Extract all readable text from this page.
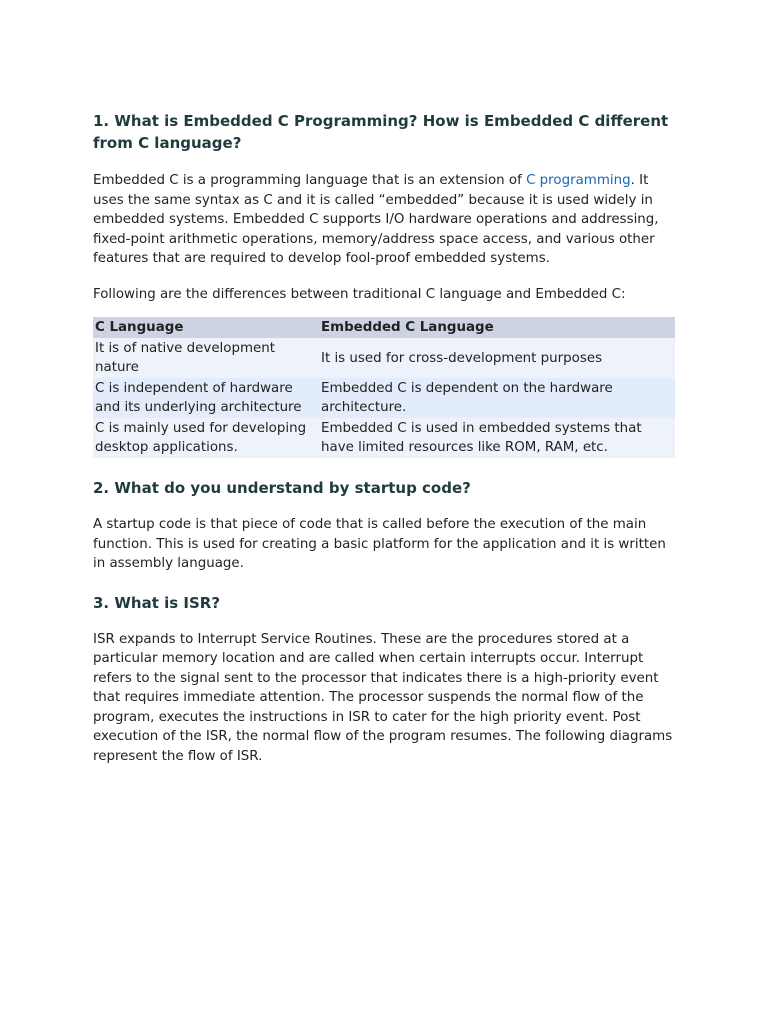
1. What is Embedded C Programming? How is Embedded C different from C language?

Embedded C is a programming language that is an extension of C programming. It uses the same syntax as C and it is called “embedded” because it is used widely in embedded systems. Embedded C supports I/O hardware operations and addressing, fixed-point arithmetic operations, memory/address space access, and various other features that are required to develop fool-proof embedded systems.

Following are the differences between traditional C language and Embedded C:

C Language	Embedded C Language
It is of native development nature	It is used for cross-development purposes
C is independent of hardware and its underlying architecture	Embedded C is dependent on the hardware architecture.
C is mainly used for developing desktop applications.	Embedded C is used in embedded systems that have limited resources like ROM, RAM, etc.
2. What do you understand by startup code?

A startup code is that piece of code that is called before the execution of the main function. This is used for creating a basic platform for the application and it is written in assembly language.

3. What is ISR?

ISR expands to Interrupt Service Routines. These are the procedures stored at a particular memory location and are called when certain interrupts occur. Interrupt refers to the signal sent to the processor that indicates there is a high-priority event that requires immediate attention. The processor suspends the normal flow of the program, executes the instructions in ISR to cater for the high priority event. Post execution of the ISR, the normal flow of the program resumes. The following diagrams represent the flow of ISR.
